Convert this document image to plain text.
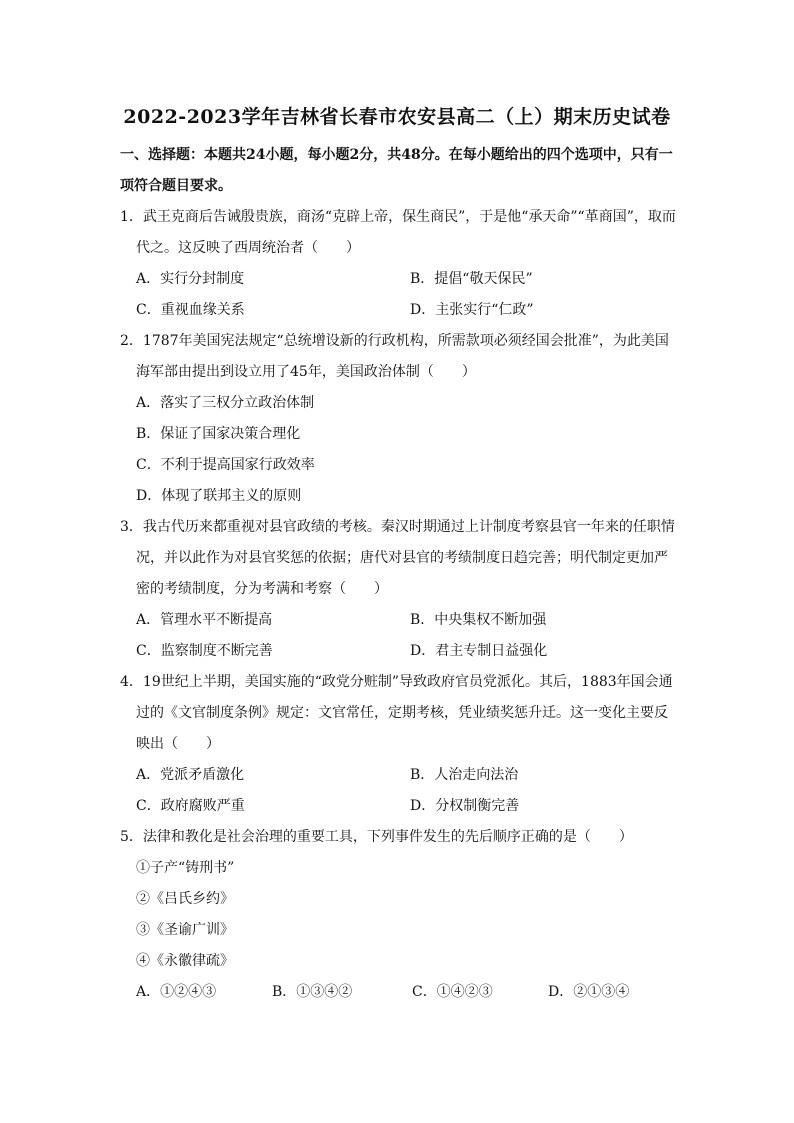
2022-2023学年吉林省长春市农安县高二（上）期末历史试卷
一、选择题：本题共24小题，每小题2分，共48分。在每小题给出的四个选项中，只有一项符合题目要求。
1．武王克商后告诫殷贵族，商汤“克辟上帝，保生商民”，于是他“承天命”“革商国”，取而代之。这反映了西周统治者（　　）
A．实行分封制度	B．提倡“敬天保民”
C．重视血缘关系	D．主张实行“仁政”
2．1787年美国宪法规定“总统增设新的行政机构，所需款项必须经国会批准”，为此美国海军部由提出到设立用了45年，美国政治体制（　　）
A．落实了三权分立政治体制
B．保证了国家决策合理化
C．不利于提高国家行政效率
D．体现了联邦主义的原则
3．我古代历来都重视对县官政绩的考核。秦汉时期通过上计制度考察县官一年来的任职情况，并以此作为对县官奖惩的依据；唐代对县官的考绩制度日趋完善；明代制定更加严密的考绩制度，分为考满和考察（　　）
A．管理水平不断提高	B．中央集权不断加强
C．监察制度不断完善	D．君主专制日益强化
4．19世纪上半期，美国实施的“政党分赃制”导致政府官员党派化。其后，1883年国会通过的《文官制度条例》规定：文官常任，定期考核，凭业绩奖惩升迁。这一变化主要反映出（　　）
A．党派矛盾激化	B．人治走向法治
C．政府腐败严重	D．分权制衡完善
5．法律和教化是社会治理的重要工具，下列事件发生的先后顺序正确的是（　　）
①子产“铸刑书”
②《吕氏乡约》
③《圣谕广训》
④《永徽律疏》
A．①②④③	B．①③④②	C．①④②③	D．②①③④
